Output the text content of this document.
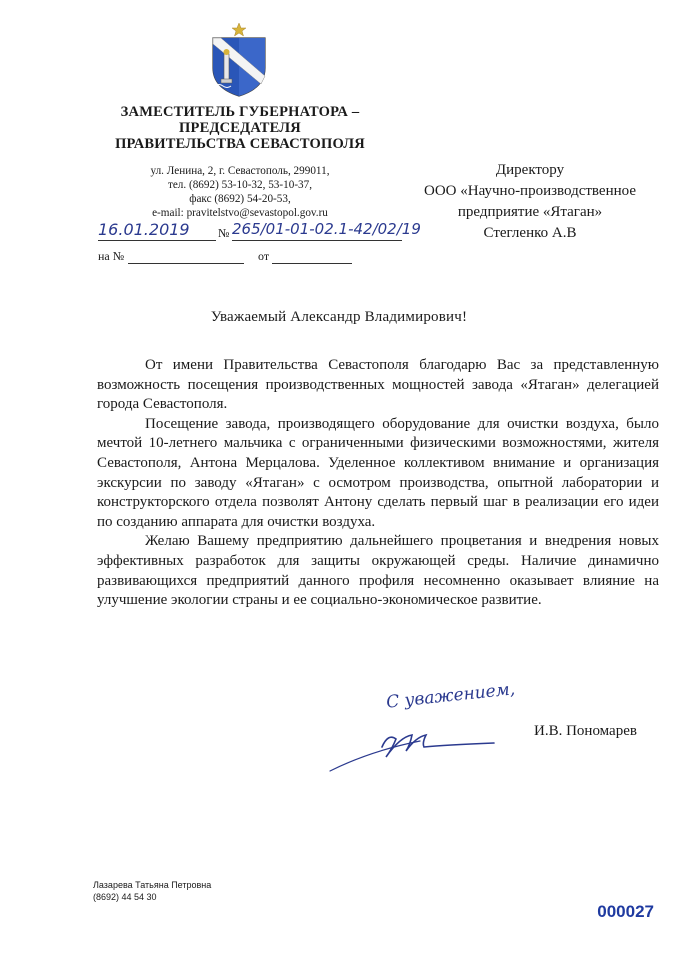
ЗАМЕСТИТЕЛЬ ГУБЕРНАТОРА –
ПРЕДСЕДАТЕЛЯ
ПРАВИТЕЛЬСТВА СЕВАСТОПОЛЯ
ул. Ленина, 2, г. Севастополь, 299011,
тел. (8692) 53-10-32, 53-10-37,
факс (8692) 54-20-53,
e-mail: pravitelstvo@sevastopol.gov.ru
16.01.2019 № 265/01-01-02.1-42/02/19
на №	от
Директору
ООО «Научно-производственное
предприятие «Ятаган»
Стегленко А.В
Уважаемый Александр Владимирович!

От имени Правительства Севастополя благодарю Вас за представленную возможность посещения производственных мощностей завода «Ятаган» делегацией города Севастополя.

Посещение завода, производящего оборудование для очистки воздуха, было мечтой 10-летнего мальчика с ограниченными физическими возможностями, жителя Севастополя, Антона Мерцалова. Уделенное коллективом внимание и организация экскурсии по заводу «Ятаган» с осмотром производства, опытной лаборатории и конструкторского отдела позволят Антону сделать первый шаг в реализации его идеи по созданию аппарата для очистки воздуха.

Желаю Вашему предприятию дальнейшего процветания и внедрения новых эффективных разработок для защиты окружающей среды. Наличие динамично развивающихся предприятий данного профиля несомненно оказывает влияние на улучшение экологии страны и ее социально-экономическое развитие.

С уважением,
И.В. Пономарев
Лазарева Татьяна Петровна
(8692) 44 54 30
000027
